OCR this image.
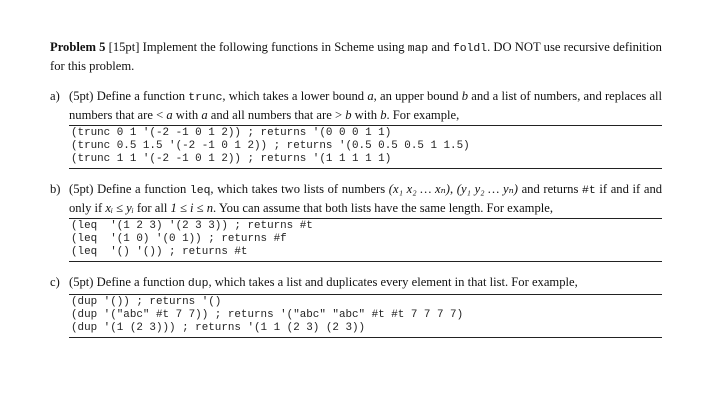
Problem 5 [15pt] Implement the following functions in Scheme using map and foldl. DO NOT use recursive definition for this problem.

a) (5pt) Define a function trunc, which takes a lower bound a, an upper bound b and a list of numbers, and replaces all numbers that are < a with a and all numbers that are > b with b. For example,

(trunc 0 1 '(-2 -1 0 1 2)) ; returns '(0 0 0 1 1)
(trunc 0.5 1.5 '(-2 -1 0 1 2)) ; returns '(0.5 0.5 0.5 1 1.5)
(trunc 1 1 '(-2 -1 0 1 2)) ; returns '(1 1 1 1 1)
b) (5pt) Define a function leq, which takes two lists of numbers (x₁ x₂ … xₙ), (y₁ y₂ … yₙ) and returns #t if and if and only if xᵢ ≤ yᵢ for all 1 ≤ i ≤ n. You can assume that both lists have the same length. For example,

(leq  '(1 2 3) '(2 3 3)) ; returns #t
(leq  '(1 0) '(0 1)) ; returns #f
(leq  '() '()) ; returns #t
c) (5pt) Define a function dup, which takes a list and duplicates every element in that list. For example,

(dup '()) ; returns '()
(dup '("abc" #t 7 7)) ; returns '("abc" "abc" #t #t 7 7 7 7)
(dup '(1 (2 3))) ; returns '(1 1 (2 3) (2 3))
